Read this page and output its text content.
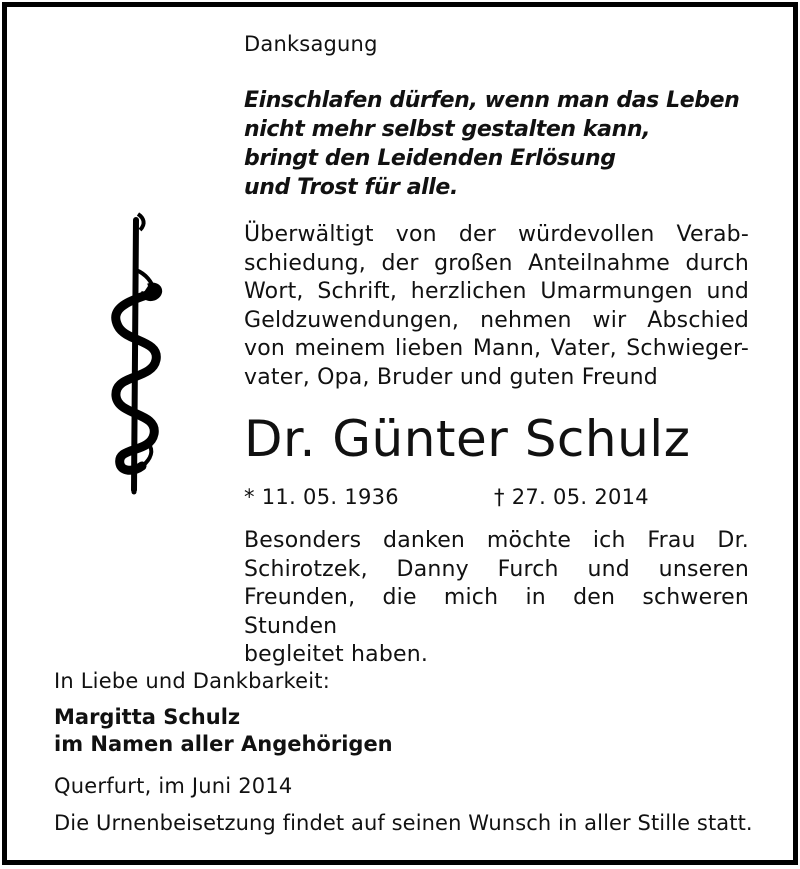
Danksagung
Einschlafen dürfen, wenn man das Leben
nicht mehr selbst gestalten kann,
bringt den Leidenden Erlösung
und Trost für alle.
Überwältigt von der würdevollen Verab-
schiedung, der großen Anteilnahme durch
Wort, Schrift, herzlichen Umarmungen und
Geldzuwendungen, nehmen wir Abschied
von meinem lieben Mann, Vater, Schwieger-
vater, Opa, Bruder und guten Freund
Dr. Günter Schulz
* 11. 05. 1936	† 27. 05. 2014
Besonders danken möchte ich Frau Dr.
Schirotzek, Danny Furch und unseren
Freunden, die mich in den schweren Stunden
begleitet haben.
In Liebe und Dankbarkeit:
Margitta Schulz
im Namen aller Angehörigen
Querfurt, im Juni 2014
Die Urnenbeisetzung findet auf seinen Wunsch in aller Stille statt.
